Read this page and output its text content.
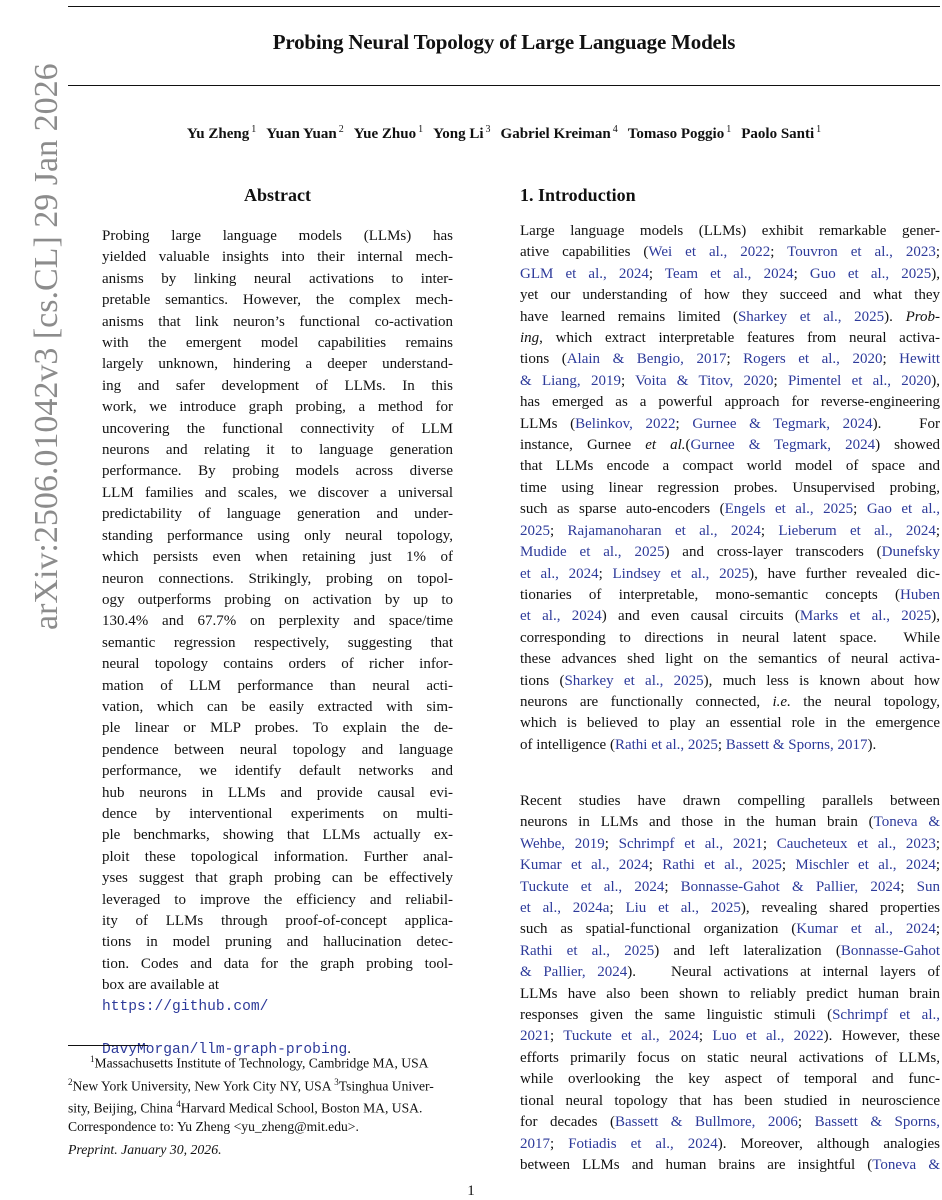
Probing Neural Topology of Large Language Models
Yu Zheng $^1$ Yuan Yuan $^2$ Yue Zhuo $^1$ Yong Li $^3$ Gabriel Kreiman $^4$ Tomaso Poggio $^1$ Paolo Santi $^1$
arXiv:2506.01042v3 [cs.CL] 29 Jan 2026	Abstract
Probing large language models (LLMs) has
yielded valuable insights into their internal mech-
anisms by linking neural activations to inter-
pretable semantics. However, the complex mech-
anisms that link neuron’s functional co-activation
with the emergent model capabilities remains
largely unknown, hindering a deeper understand-
ing and safer development of LLMs. In this
work, we introduce graph probing, a method for
uncovering the functional connectivity of LLM
neurons and relating it to language generation
performance. By probing models across diverse
LLM families and scales, we discover a universal
predictability of language generation and under-
standing performance using only neural topology,
which persists even when retaining just 1% of
neuron connections. Strikingly, probing on topol-
ogy outperforms probing on activation by up to
130.4% and 67.7% on perplexity and space/time
semantic regression respectively, suggesting that
neural topology contains orders of richer infor-
mation of LLM performance than neural acti-
vation, which can be easily extracted with sim-
ple linear or MLP probes. To explain the de-
pendence between neural topology and language
performance, we identify default networks and
hub neurons in LLMs and provide causal evi-
dence by interventional experiments on multi-
ple benchmarks, showing that LLMs actually ex-
ploit these topological information. Further anal-
yses suggest that graph probing can be effectively
leveraged to improve the efficiency and reliabil-
ity of LLMs through proof-of-concept applica-
tions in model pruning and hallucination detec-
tion. Codes and data for the graph probing tool-
box are available at
https://github.com/

DavyMorgan/llm-graph-probing.
$^1$Massachusetts Institute of Technology, Cambridge MA, USA
$^2$New York University, New York City NY, USA $^3$Tsinghua Univer-
sity, Beijing, China $^4$Harvard Medical School, Boston MA, USA.
Correspondence to: Yu Zheng <yu_zheng@mit.edu>.
Preprint. January 30, 2026.
1. Introduction
Large language models (LLMs) exhibit remarkable gener-
ative capabilities (Wei et al., 2022; Touvron et al., 2023;
GLM et al., 2024; Team et al., 2024; Guo et al., 2025),
yet our understanding of how they succeed and what they
have learned remains limited (Sharkey et al., 2025). Prob-
ing, which extract interpretable features from neural activa-
tions (Alain & Bengio, 2017; Rogers et al., 2020; Hewitt
& Liang, 2019; Voita & Titov, 2020; Pimentel et al., 2020),
has emerged as a powerful approach for reverse-engineering
LLMs (Belinkov, 2022; Gurnee & Tegmark, 2024).   For
instance, Gurnee et al.(Gurnee & Tegmark, 2024) showed
that LLMs encode a compact world model of space and
time using linear regression probes. Unsupervised probing,
such as sparse auto-encoders (Engels et al., 2025; Gao et al.,
2025; Rajamanoharan et al., 2024; Lieberum et al., 2024;
Mudide et al., 2025) and cross-layer transcoders (Dunefsky
et al., 2024; Lindsey et al., 2025), have further revealed dic-
tionaries of interpretable, mono-semantic concepts (Huben
et al., 2024) and even causal circuits (Marks et al., 2025),
corresponding to directions in neural latent space.  While
these advances shed light on the semantics of neural activa-
tions (Sharkey et al., 2025), much less is known about how
neurons are functionally connected, i.e. the neural topology,
which is believed to play an essential role in the emergence
of intelligence (Rathi et al., 2025; Bassett & Sporns, 2017).
Recent studies have drawn compelling parallels between
neurons in LLMs and those in the human brain (Toneva &
Wehbe, 2019; Schrimpf et al., 2021; Caucheteux et al., 2023;
Kumar et al., 2024; Rathi et al., 2025; Mischler et al., 2024;
Tuckute et al., 2024; Bonnasse-Gahot & Pallier, 2024; Sun
et al., 2024a; Liu et al., 2025), revealing shared properties
such as spatial-functional organization (Kumar et al., 2024;
Rathi et al., 2025) and left lateralization (Bonnasse-Gahot
& Pallier, 2024).   Neural activations at internal layers of
LLMs have also been shown to reliably predict human brain
responses given the same linguistic stimuli (Schrimpf et al.,
2021; Tuckute et al., 2024; Luo et al., 2022). However, these
efforts primarily focus on static neural activations of LLMs,
while overlooking the key aspect of temporal and func-
tional neural topology that has been studied in neuroscience
for decades (Bassett & Bullmore, 2006; Bassett & Sporns,
2017; Fotiadis et al., 2024). Moreover, although analogies
between LLMs and human brains are insightful (Toneva &
1
